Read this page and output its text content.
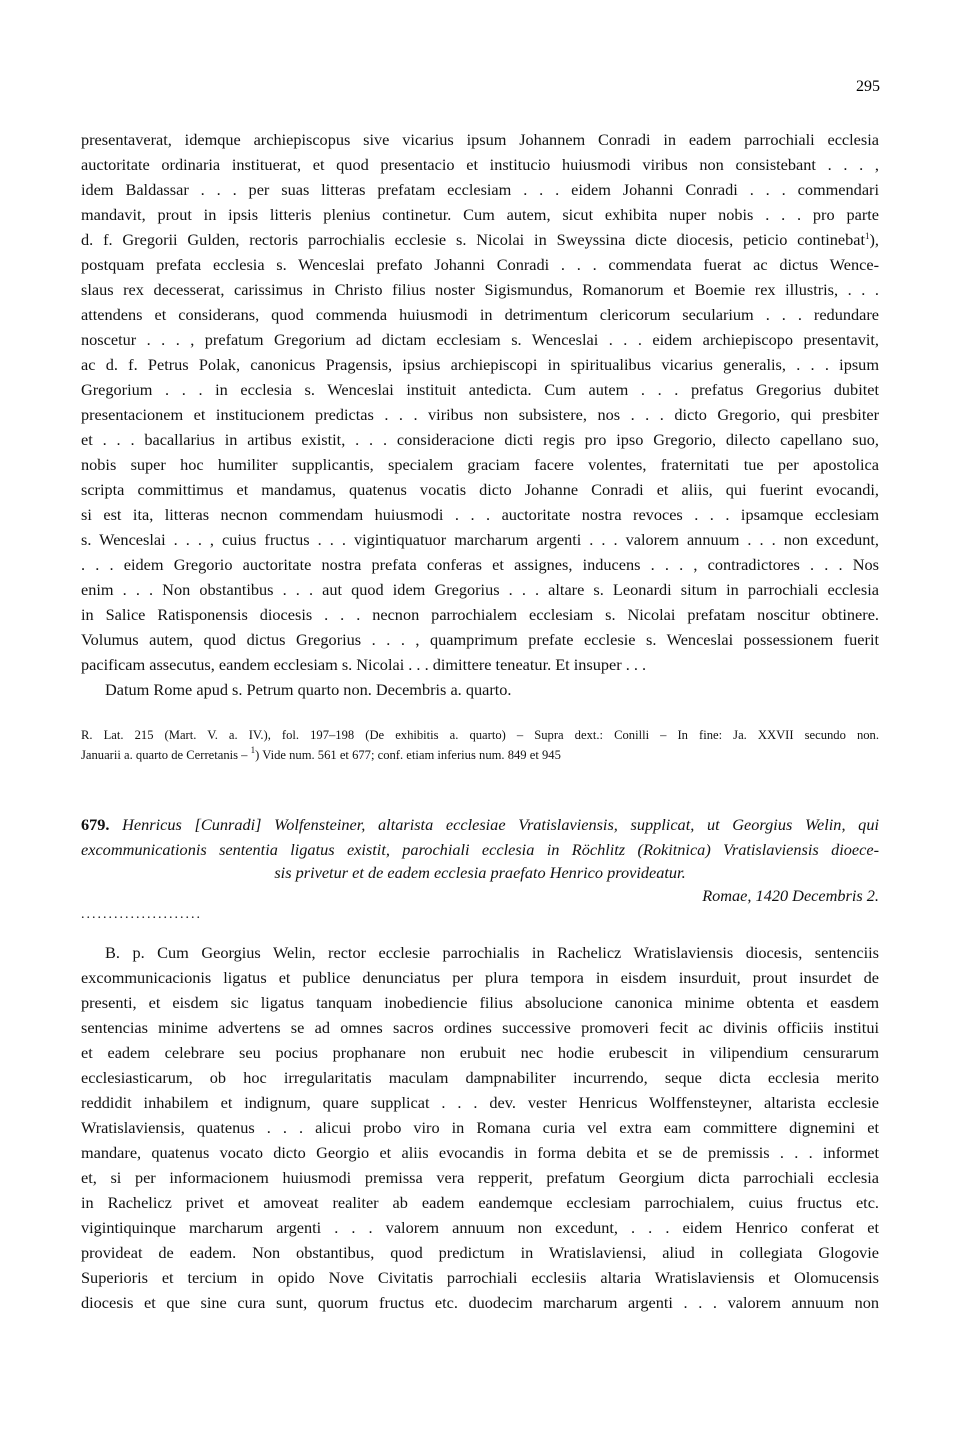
295
presentaverat, idemque archiepiscopus sive vicarius ipsum Johannem Conradi in eadem parrochiali ecclesia
auctoritate ordinaria instituerat, et quod presentacio et institucio huiusmodi viribus non consistebant . . . ,
idem Baldassar . . . per suas litteras prefatam ecclesiam . . . eidem Johanni Conradi . . . commendari
mandavit, prout in ipsis litteris plenius continetur. Cum autem, sicut exhibita nuper nobis . . . pro parte
d. f. Gregorii Gulden, rectoris parrochialis ecclesie s. Nicolai in Sweyssina dicte diocesis, peticio continebat$^1$),
postquam prefata ecclesia s. Wenceslai prefato Johanni Conradi . . . commendata fuerat ac dictus Wence-
slaus rex decesserat, carissimus in Christo filius noster Sigismundus, Romanorum et Boemie rex illustris, . . .
attendens et considerans, quod commenda huiusmodi in detrimentum clericorum secularium . . . redundare
noscetur . . . , prefatum Gregorium ad dictam ecclesiam s. Wenceslai . . . eidem archiepiscopo presentavit,
ac d. f. Petrus Polak, canonicus Pragensis, ipsius archiepiscopi in spiritualibus vicarius generalis, . . . ipsum
Gregorium . . . in ecclesia s. Wenceslai instituit antedicta. Cum autem . . . prefatus Gregorius dubitet
presentacionem et institucionem predictas . . . viribus non subsistere, nos . . . dicto Gregorio, qui presbiter
et . . . bacallarius in artibus existit, . . . consideracione dicti regis pro ipso Gregorio, dilecto capellano suo,
nobis super hoc humiliter supplicantis, specialem graciam facere volentes, fraternitati tue per apostolica
scripta committimus et mandamus, quatenus vocatis dicto Johanne Conradi et aliis, qui fuerint evocandi,
si est ita, litteras necnon commendam huiusmodi . . . auctoritate nostra revoces . . . ipsamque ecclesiam
s. Wenceslai . . . , cuius fructus . . . vigintiquatuor marcharum argenti . . . valorem annuum . . . non excedunt,
. . . eidem Gregorio auctoritate nostra prefata conferas et assignes, inducens . . . , contradictores . . . Nos
enim . . . Non obstantibus . . . aut quod idem Gregorius . . . altare s. Leonardi situm in parrochiali ecclesia
in Salice Ratisponensis diocesis . . . necnon parrochialem ecclesiam s. Nicolai prefatam noscitur obtinere.
Volumus autem, quod dictus Gregorius . . . , quamprimum prefate ecclesie s. Wenceslai possessionem fuerit
pacificam assecutus, eandem ecclesiam s. Nicolai . . . dimittere teneatur. Et insuper . . .
Datum Rome apud s. Petrum quarto non. Decembris a. quarto.
R. Lat. 215 (Mart. V. a. IV.), fol. 197–198 (De exhibitis a. quarto) – Supra dext.: Conilli – In fine: Ja. XXVII secundo non.
Januarii a. quarto de Cerretanis – $^1$) Vide num. 561 et 677; conf. etiam inferius num. 849 et 945
679. Henricus [Cunradi] Wolfensteiner, altarista ecclesiae Vratislaviensis, supplicat, ut Georgius Welin, qui
excommunicationis sententia ligatus existit, parochiali ecclesia in Röchlitz (Rokitnica) Vratislaviensis dioece-
sis privetur et de eadem ecclesia praefato Henrico provideatur.
Romae, 1420 Decembris 2.
......................
B. p. Cum Georgius Welin, rector ecclesie parrochialis in Rachelicz Wratislaviensis diocesis, sentenciis
excommunicacionis ligatus et publice denunciatus per plura tempora in eisdem insurduit, prout insurdet de
presenti, et eisdem sic ligatus tanquam inobediencie filius absolucione canonica minime obtenta et easdem
sentencias minime advertens se ad omnes sacros ordines successive promoveri fecit ac divinis officiis institui
et eadem celebrare seu pocius prophanare non erubuit nec hodie erubescit in vilipendium censurarum
ecclesiasticarum, ob hoc irregularitatis maculam dampnabiliter incurrendo, seque dicta ecclesia merito
reddidit inhabilem et indignum, quare supplicat . . . dev. vester Henricus Wolffensteyner, altarista ecclesie
Wratislaviensis, quatenus . . . alicui probo viro in Romana curia vel extra eam committere dignemini et
mandare, quatenus vocato dicto Georgio et aliis evocandis in forma debita et se de premissis . . . informet
et, si per informacionem huiusmodi premissa vera repperit, prefatum Georgium dicta parrochiali ecclesia
in Rachelicz privet et amoveat realiter ab eadem eandemque ecclesiam parrochialem, cuius fructus etc.
vigintiquinque marcharum argenti . . . valorem annuum non excedunt, . . . eidem Henrico conferat et
provideat de eadem. Non obstantibus, quod predictum in Wratislaviensi, aliud in collegiata Glogovie
Superioris et tercium in opido Nove Civitatis parrochiali ecclesiis altaria Wratislaviensis et Olomucensis
diocesis et que sine cura sunt, quorum fructus etc. duodecim marcharum argenti . . . valorem annuum non
